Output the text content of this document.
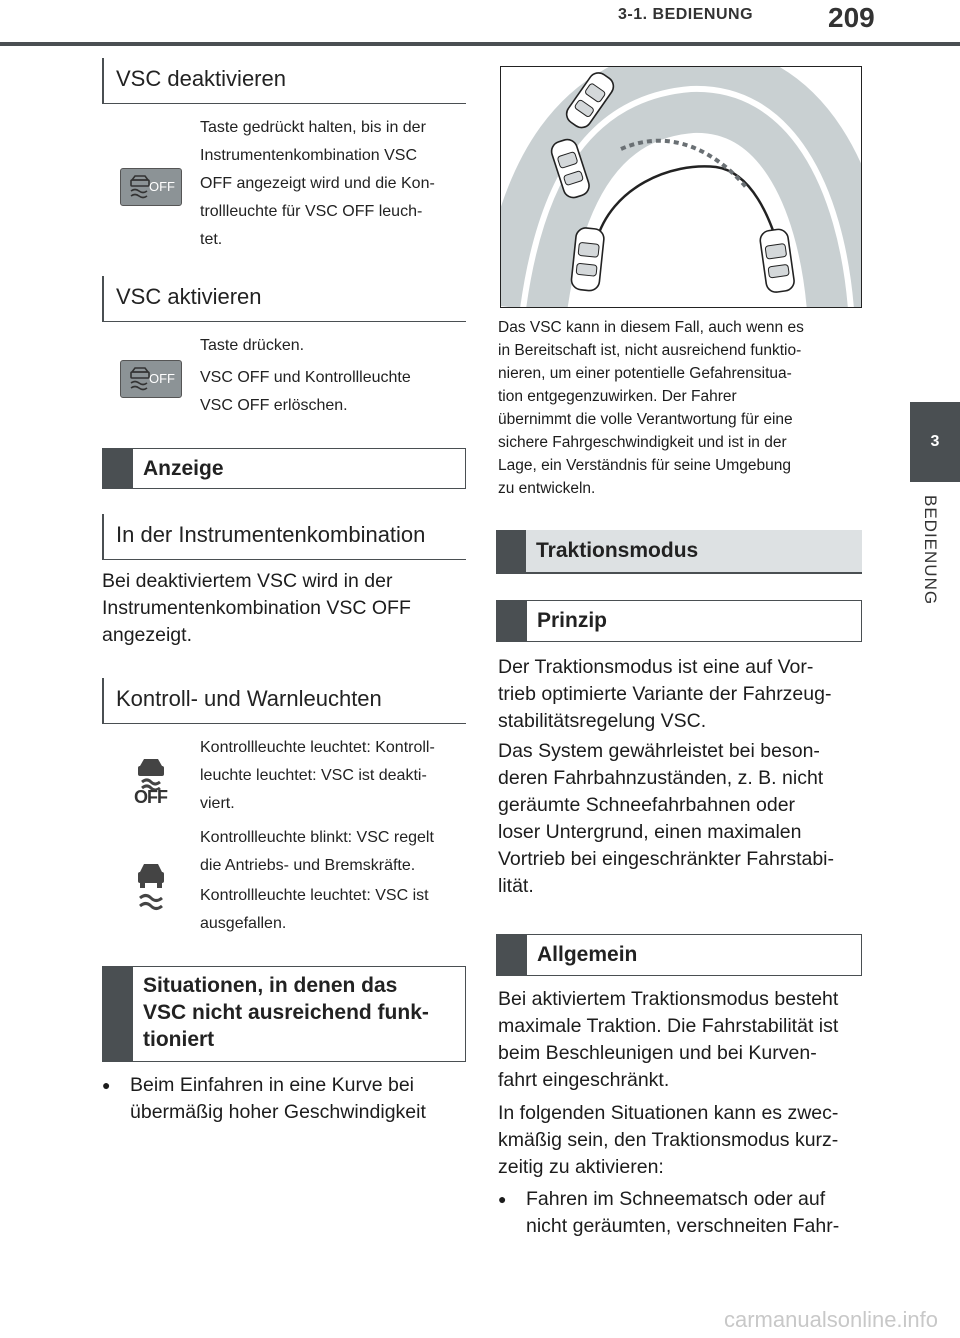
3-1. BEDIENUNG	209
3
BEDIENUNG
VSC deaktivieren
OFF
Taste gedrückt halten, bis in der
Instrumentenkombination VSC
OFF angezeigt wird und die Kon-
trollleuchte für VSC OFF leuch-
tet.
VSC aktivieren
OFF
Taste drücken.
VSC OFF und Kontrollleuchte
VSC OFF erlöschen.
Anzeige
In der Instrumentenkombination
Bei deaktiviertem VSC wird in der
Instrumentenkombination VSC OFF
angezeigt.
Kontroll- und Warnleuchten
OFF
Kontrollleuchte leuchtet: Kontroll-
leuchte leuchtet: VSC ist deakti-
viert.
Kontrollleuchte blinkt: VSC regelt
die Antriebs- und Bremskräfte.
Kontrollleuchte leuchtet: VSC ist
ausgefallen.
Situationen, in denen das
VSC nicht ausreichend funk-
tioniert
●	Beim Einfahren in eine Kurve bei
übermäßig hoher Geschwindigkeit
Das VSC kann in diesem Fall, auch wenn es
in Bereitschaft ist, nicht ausreichend funktio-
nieren, um einer potentielle Gefahrensitua-
tion entgegenzuwirken. Der Fahrer
übernimmt die volle Verantwortung für eine
sichere Fahrgeschwindigkeit und ist in der
Lage, ein Verständnis für seine Umgebung
zu entwickeln.
Traktionsmodus
Prinzip
Der Traktionsmodus ist eine auf Vor-
trieb optimierte Variante der Fahrzeug-
stabilitätsregelung VSC.
Das System gewährleistet bei beson-
deren Fahrbahnzuständen, z. B. nicht
geräumte Schneefahrbahnen oder
loser Untergrund, einen maximalen
Vortrieb bei eingeschränkter Fahrstabi-
lität.
Allgemein
Bei aktiviertem Traktionsmodus besteht
maximale Traktion. Die Fahrstabilität ist
beim Beschleunigen und bei Kurven-
fahrt eingeschränkt.
In folgenden Situationen kann es zwec-
kmäßig sein, den Traktionsmodus kurz-
zeitig zu aktivieren:
●	Fahren im Schneematsch oder auf
nicht geräumten, verschneiten Fahr-
carmanualsonline.info
